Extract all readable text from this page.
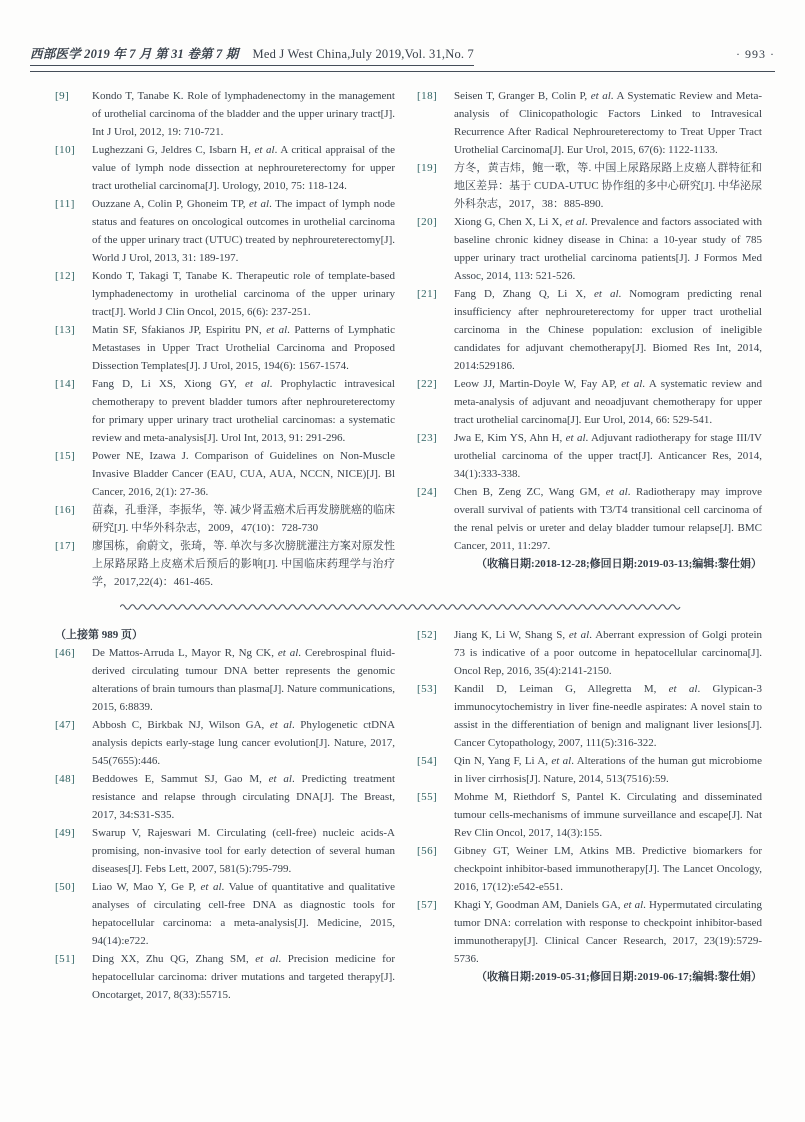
西部医学 2019 年 7 月 第 31 卷第 7 期 Med J West China,July 2019,Vol. 31,No. 7	· 993 ·
[9] Kondo T, Tanabe K. Role of lymphadenectomy in the management of urothelial carcinoma of the bladder and the upper urinary tract[J]. Int J Urol, 2012, 19: 710-721.
[10] Lughezzani G, Jeldres C, Isbarn H, et al. A critical appraisal of the value of lymph node dissection at nephroureterectomy for upper tract urothelial carcinoma[J]. Urology, 2010, 75: 118-124.
[11] Ouzzane A, Colin P, Ghoneim TP, et al. The impact of lymph node status and features on oncological outcomes in urothelial carcinoma of the upper urinary tract (UTUC) treated by nephroureterectomy[J]. World J Urol, 2013, 31: 189-197.
[12] Kondo T, Takagi T, Tanabe K. Therapeutic role of template-based lymphadenectomy in urothelial carcinoma of the upper urinary tract[J]. World J Clin Oncol, 2015, 6(6): 237-251.
[13] Matin SF, Sfakianos JP, Espiritu PN, et al. Patterns of Lymphatic Metastases in Upper Tract Urothelial Carcinoma and Proposed Dissection Templates[J]. J Urol, 2015, 194(6): 1567-1574.
[14] Fang D, Li XS, Xiong GY, et al. Prophylactic intravesical chemotherapy to prevent bladder tumors after nephroureterectomy for primary upper urinary tract urothelial carcinomas: a systematic review and meta-analysis[J]. Urol Int, 2013, 91: 291-296.
[15] Power NE, Izawa J. Comparison of Guidelines on Non-Muscle Invasive Bladder Cancer (EAU, CUA, AUA, NCCN, NICE)[J]. Bl Cancer, 2016, 2(1): 27-36.
[16] 苗森，孔垂泽，李振华，等. 减少肾盂癌术后再发膀胱癌的临床研究[J]. 中华外科杂志，2009，47(10)：728-730
[17] 廖国栋，俞蔚文，张琦，等. 单次与多次膀胱灌注方案对原发性上尿路尿路上皮癌术后预后的影响[J]. 中国临床药理学与治疗学，2017,22(4)：461-465.
[18] Seisen T, Granger B, Colin P, et al. A Systematic Review and Meta-analysis of Clinicopathologic Factors Linked to Intravesical Recurrence After Radical Nephroureterectomy to Treat Upper Tract Urothelial Carcinoma[J]. Eur Urol, 2015, 67(6): 1122-1133.
[19] 方冬，黄吉炜，鲍一歌，等. 中国上尿路尿路上皮癌人群特征和地区差异：基于 CUDA-UTUC 协作组的多中心研究[J]. 中华泌尿外科杂志，2017，38：885-890.
[20] Xiong G, Chen X, Li X, et al. Prevalence and factors associated with baseline chronic kidney disease in China: a 10-year study of 785 upper urinary tract urothelial carcinoma patients[J]. J Formos Med Assoc, 2014, 113: 521-526.
[21] Fang D, Zhang Q, Li X, et al. Nomogram predicting renal insufficiency after nephroureterectomy for upper tract urothelial carcinoma in the Chinese population: exclusion of ineligible candidates for adjuvant chemotherapy[J]. Biomed Res Int, 2014, 2014:529186.
[22] Leow JJ, Martin-Doyle W, Fay AP, et al. A systematic review and meta-analysis of adjuvant and neoadjuvant chemotherapy for upper tract urothelial carcinoma[J]. Eur Urol, 2014, 66: 529-541.
[23] Jwa E, Kim YS, Ahn H, et al. Adjuvant radiotherapy for stage III/IV urothelial carcinoma of the upper tract[J]. Anticancer Res, 2014, 34(1):333-338.
[24] Chen B, Zeng ZC, Wang GM, et al. Radiotherapy may improve overall survival of patients with T3/T4 transitional cell carcinoma of the renal pelvis or ureter and delay bladder tumour relapse[J]. BMC Cancer, 2011, 11:297.
（收稿日期:2018-12-28;修回日期:2019-03-13;编辑:黎仕娟）
（上接第 989 页）
[46] De Mattos-Arruda L, Mayor R, Ng CK, et al. Cerebrospinal fluid-derived circulating tumour DNA better represents the genomic alterations of brain tumours than plasma[J]. Nature communications, 2015, 6:8839.
[47] Abbosh C, Birkbak NJ, Wilson GA, et al. Phylogenetic ctDNA analysis depicts early-stage lung cancer evolution[J]. Nature, 2017, 545(7655):446.
[48] Beddowes E, Sammut SJ, Gao M, et al. Predicting treatment resistance and relapse through circulating DNA[J]. The Breast, 2017, 34:S31-S35.
[49] Swarup V, Rajeswari M. Circulating (cell-free) nucleic acids-A promising, non-invasive tool for early detection of several human diseases[J]. Febs Lett, 2007, 581(5):795-799.
[50] Liao W, Mao Y, Ge P, et al. Value of quantitative and qualitative analyses of circulating cell-free DNA as diagnostic tools for hepatocellular carcinoma: a meta-analysis[J]. Medicine, 2015, 94(14):e722.
[51] Ding XX, Zhu QG, Zhang SM, et al. Precision medicine for hepatocellular carcinoma: driver mutations and targeted therapy[J]. Oncotarget, 2017, 8(33):55715.
[52] Jiang K, Li W, Shang S, et al. Aberrant expression of Golgi protein 73 is indicative of a poor outcome in hepatocellular carcinoma[J]. Oncol Rep, 2016, 35(4):2141-2150.
[53] Kandil D, Leiman G, Allegretta M, et al. Glypican-3 immunocytochemistry in liver fine-needle aspirates: A novel stain to assist in the differentiation of benign and malignant liver lesions[J]. Cancer Cytopathology, 2007, 111(5):316-322.
[54] Qin N, Yang F, Li A, et al. Alterations of the human gut microbiome in liver cirrhosis[J]. Nature, 2014, 513(7516):59.
[55] Mohme M, Riethdorf S, Pantel K. Circulating and disseminated tumour cells-mechanisms of immune surveillance and escape[J]. Nat Rev Clin Oncol, 2017, 14(3):155.
[56] Gibney GT, Weiner LM, Atkins MB. Predictive biomarkers for checkpoint inhibitor-based immunotherapy[J]. The Lancet Oncology, 2016, 17(12):e542-e551.
[57] Khagi Y, Goodman AM, Daniels GA, et al. Hypermutated circulating tumor DNA: correlation with response to checkpoint inhibitor-based immunotherapy[J]. Clinical Cancer Research, 2017, 23(19):5729-5736.
（收稿日期:2019-05-31;修回日期:2019-06-17;编辑:黎仕娟）
